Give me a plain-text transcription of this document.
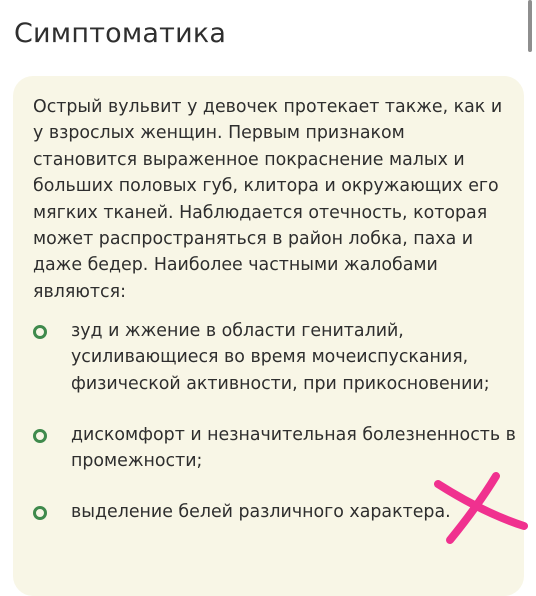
Симптоматика

Острый вульвит у девочек протекает также, как и у взрослых женщин. Первым признаком становится выраженное покраснение малых и больших половых губ, клитора и окружающих его мягких тканей. Наблюдается отечность, которая может распространяться в район лобка, паха и даже бедер. Наиболее частными жалобами являются:

зуд и жжение в области гениталий, усиливающиеся во время мочеиспускания, физической активности, при прикосновении;

дискомфорт и незначительная болезненность в промежности;

выделение белей различного характера.
